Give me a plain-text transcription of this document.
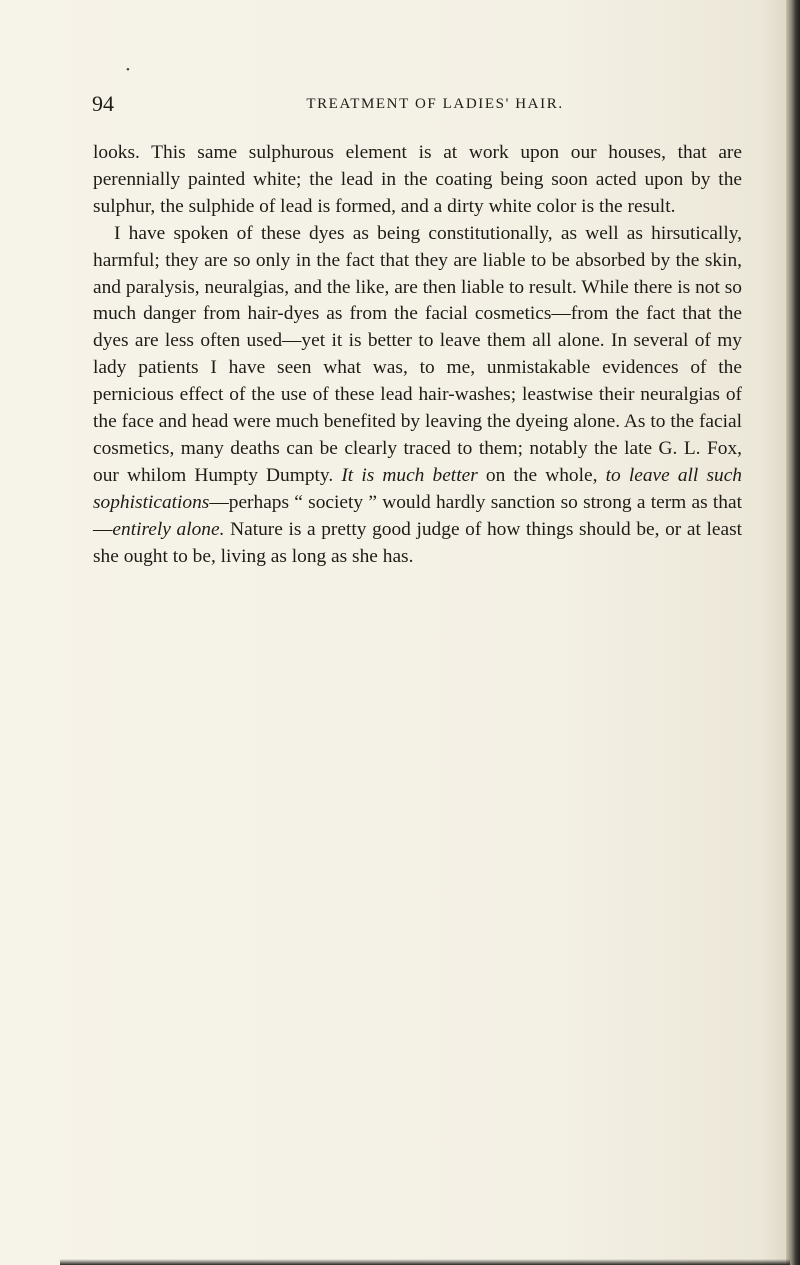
•
94	TREATMENT OF LADIES' HAIR.

looks. This same sulphurous element is at work upon our houses, that are perennially painted white; the lead in the coating being soon acted upon by the sulphur, the sulphide of lead is formed, and a dirty white color is the result.

I have spoken of these dyes as being constitutionally, as well as hirsutically, harmful; they are so only in the fact that they are liable to be absorbed by the skin, and paralysis, neuralgias, and the like, are then liable to result. While there is not so much danger from hair-dyes as from the facial cosmetics—from the fact that the dyes are less often used—yet it is better to leave them all alone. In several of my lady patients I have seen what was, to me, unmistakable evidences of the pernicious effect of the use of these lead hair-washes; leastwise their neuralgias of the face and head were much benefited by leaving the dyeing alone. As to the facial cosmetics, many deaths can be clearly traced to them; notably the late G. L. Fox, our whilom Humpty Dumpty. It is much better on the whole, to leave all such sophistications—perhaps “ society ” would hardly sanction so strong a term as that—entirely alone. Nature is a pretty good judge of how things should be, or at least she ought to be, living as long as she has.
